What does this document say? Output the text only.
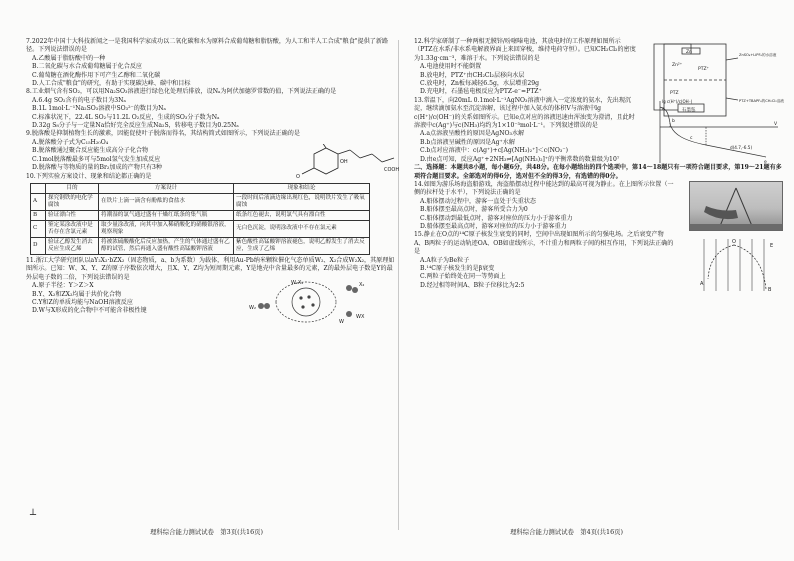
7.2022年中国十大科技新闻之一是我国科学家成功以二氧化碳和水为原料合成葡萄糖和脂肪酸，为人工和半人工合成"粮食"提供了新路径。下列说法错误的是

A.乙酸属于脂肪酸中的一种

B.二氧化碳与水合成葡萄糖属于化合反应

C.葡萄糖在酒化酶作用下可产生乙醇和二氧化碳

D.人工合成"粮食"的研究，有助于实现碳达峰、碳中和目标

8.工业烟气含有SO₂，可以用Na₂SO₃溶液进行绿色化处理后排放，设Nₐ为阿伏加德罗常数的值，下列说法正确的是

A.6.4g SO₂含有的电子数目为3Nₐ

B.1L 1mol·L⁻¹Na₂SO₃溶液中SO₃²⁻的数目为Nₐ

C.标准状况下，22.4L SO₂与11.2L O₂反应，生成的SO₃分子数为Nₐ

D.32g S₈分子与一定量Na恰好完全反应生成Na₂S，转移电子数目为0.25Nₐ

9.脱落酸是抑制植物生长的激素，因能促使叶子脱落而得名，其结构简式如图所示，下列说法正确的是

A.脱落酸分子式为C₁₅H₂₀O₄

B.脱落酸通过聚合反应能生成高分子化合物

C.1mol脱落酸最多可与5mol氢气发生加成反应

D.脱落酸与等物质的量的Br₂加成的产物只有3种

OH
O
COOH

10.下列实验方案设计、现象和结论都正确的是

	目的	方案设计	现象和结论
A	探究钢铁的电化学腐蚀	在铁片上滴一滴含有酚酞的食盐水	一段时间后液滴边缘出现红色，说明铁片发生了吸氧腐蚀
B	验证漂白性	将潮湿的氯气通过盛有干燥红纸条的集气瓶	纸条红色褪去，说明氯气具有漂白性
C	鉴定某涂改液中是否存在含氯元素	取少量涂改液，向其中加入稀硝酸化的硝酸银溶液，观察现象	无白色沉淀，说明涂改液中不存在氯元素
D	验证乙醇发生消去反应生成乙烯	将被浓硫酸酸化后反应加热，产生的气体通过盛有乙醇的试管，然后再通入盛有酸性高锰酸钾溶液	紫色酸性高锰酸钾溶液褪色，说明乙醇发生了消去反应，生成了乙烯

11.浙江大学研究团队以aY₂X₂·bZX₂（固态物质，a、b为系数）为载体，利用Au-Pb纳米颗粒催化气态单质W₂、X₂合成W₂X₂，其原理如图所示。已知：W、X、Y、Z的原子序数依次增大，且X、Y、Z均为短周期元素，Y是地壳中含量最多的元素，Z的最外层电子数是Y的最外层电子数的二倍，下列说法错误的是

A.原子半径：Y＞Z＞X

B.Y、X₂和ZX₂均属于共价化合物

C.Y和Z的单质均能与NaOH溶液反应

D.W与X形成的化合物中不可能含非极性键	W₂
W₂X₂	X₂
W
WX

12.科学家研制了一种两相无膜锌/吩噻嗪电池，其放电时的工作原理如图所示（PTZ在水系/非水系电解液界面上来回穿梭，维持电荷守恒）。已知CH₂Cl₂的密度为1.33g·cm⁻³，难溶于水。下列说法错误的是

A.电池使用时不能倒置

B.放电时，PTZ⁺由CH₂Cl₂层移向水层

C.放电时，Zn板每减轻6.5g，水层增重29g

D.充电时，石墨毡电极反应为PTZ-e⁻=PTZ⁺

Zn
Zn²⁺
PTZ⁺
PTZ
石墨毡
ZnSO₄+LiPF₆的水溶液
PTZ+TBAPF₆的CH₂Cl₂溶液

13.常温下，向20mL 0.1mol·L⁻¹AgNO₃溶液中滴入一定浓度的氨水，先出现沉淀，继续滴加氨水至沉淀溶解，该过程中加入氨水的体积V与溶液中lg c(H⁺)/c(OH⁻)的关系如图所示。已知e点对应的溶液迅速由浑浊变为澄清，且此时溶液中c(Ag⁺)与c(NH₃)均约为1×10⁻³mol·L⁻¹。下列叙述错误的是

A.a点溶液呈酸性的原因是AgNO₃水解

B.b点溶液呈碱性的原因是Ag⁺水解

C.b点对应溶液中：c(Ag⁺)+c[Ag(NH₃)₂⁺]＜c(NO₃⁻)

D.由e点可知，反应Ag⁺+2NH₃⇌[Ag(NH₃)₂]⁺的平衡常数的数量级为10⁷

lg c(H⁺)/c(OH⁻)
a
b
c
d(4.7,-6.5)
e
V

二、选择题：本题共8小题，每小题6分，共48分。在每小题给出的四个选项中，第14～18题只有一项符合题目要求，第19～21题有多项符合题目要求。全部选对的得6分，选对但不全的得3分，有选错的得0分。

14.如图为游乐场海盗船游戏，海盗船摆动过程中能达到的最高可视为静止。在上图所示位置（一侧的拉杆处于水平），下列说法正确的是

A.船体摆动过程中，游客一直处于失重状态

B.船体摆至最高点时，游客所受合力为0

C.船体摆动到最低点时，游客对座位的压力小于游客重力

D.船体摆至最高点时，游客对座位的压力小于游客重力

15.静止在O点的¹⁴C原子核发生衰变的同时，空间中出现如图所示的匀强电场。之后衰变产物A、B两粒子的运动轨迹OA、OB如虚线所示，不计重力和两粒子间的相互作用，下列说法正确的是

A.A粒子为Be粒子

B.¹⁴C原子核发生的是β衰变

C.两粒子始终处在同一等势面上

D.经过相等时间A、B粒子位移比为2:5

O
A
B
E
理科综合能力测试试卷　第3页(共16页)	理科综合能力测试试卷　第4页(共16页)
┴
